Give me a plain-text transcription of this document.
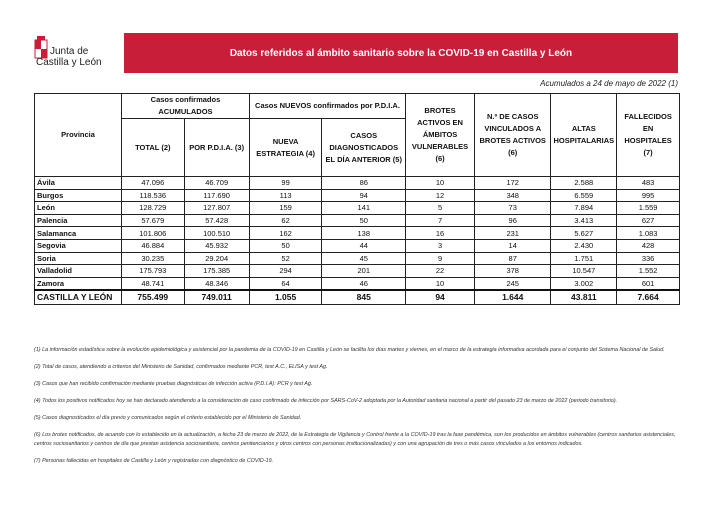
Junta de
Castilla y León
Datos referidos al ámbito sanitario sobre la COVID-19 en Castilla y León
Acumulados a 24 de mayo de 2022 (1)
Provincia	Casos confirmados ACUMULADOS		Casos NUEVOS confirmados por P.D.I.A.		BROTES ACTIVOS EN ÁMBITOS VULNERABLES (6)	N.º DE CASOS VINCULADOS A BROTES ACTIVOS (6)	ALTAS HOSPITALARIAS	FALLECIDOS EN HOSPITALES (7)
	TOTAL (2)	POR P.D.I.A. (3)	NUEVA ESTRATEGIA (4)	CASOS DIAGNOSTICADOS EL DÍA ANTERIOR (5)				
Ávila	47.096	46.709	99	86	10	172	2.588	483
Burgos	118.536	117.690	113	94	12	348	6.559	995
León	128.729	127.807	159	141	5	73	7.894	1.559
Palencia	57.679	57.428	62	50	7	96	3.413	627
Salamanca	101.806	100.510	162	138	16	231	5.627	1.083
Segovia	46.884	45.932	50	44	3	14	2.430	428
Soria	30.235	29.204	52	45	9	87	1.751	336
Valladolid	175.793	175.385	294	201	22	378	10.547	1.552
Zamora	48.741	48.346	64	46	10	245	3.002	601
CASTILLA Y LEÓN	755.499	749.011	1.055	845	94	1.644	43.811	7.664

(1) La información estadística sobre la evolución epidemiológica y asistencial por la pandemia de la COVID-19 en Castilla y León se facilita los días martes y viernes, en el marco de la estrategia informativa acordada para el conjunto del Sistema Nacional de Salud.

(2) Total de casos, atendiendo a criterios del Ministerio de Sanidad, confirmados mediante PCR, test A.C., ELISA y test Ag.

(3) Casos que han recibido confirmación mediante pruebas diagnósticas de infección activa (P.D.I.A): PCR y test Ag.

(4) Todos los positivos notificados hoy se han declarado atendiendo a la consideración de caso confirmado de infección por SARS-CoV-2 adoptada por la Autoridad sanitaria nacional a partir del pasado 23 de marzo de 2022 (periodo transitorio).

(5) Casos diagnosticados el día previo y comunicados según el criterio establecido por el Ministerio de Sanidad.

(6) Los brotes notificados, de acuerdo con lo establecido en la actualización, a fecha 23 de marzo de 2022, de la Estrategia de Vigilancia y Control frente a la COVID-19 tras la fase pandémica, son los producidos en ámbitos vulnerables (centros sanitarios asistenciales, centros sociosanitarios y centros de día que prestan asistencia sociosanitaria, centros penitenciarios y otros centros con personas institucionalizadas) y con una agrupación de tres o más casos vinculados a los entornos indicados.

(7) Personas fallecidas en hospitales de Castilla y León y registradas con diagnóstico de COVID-19.
